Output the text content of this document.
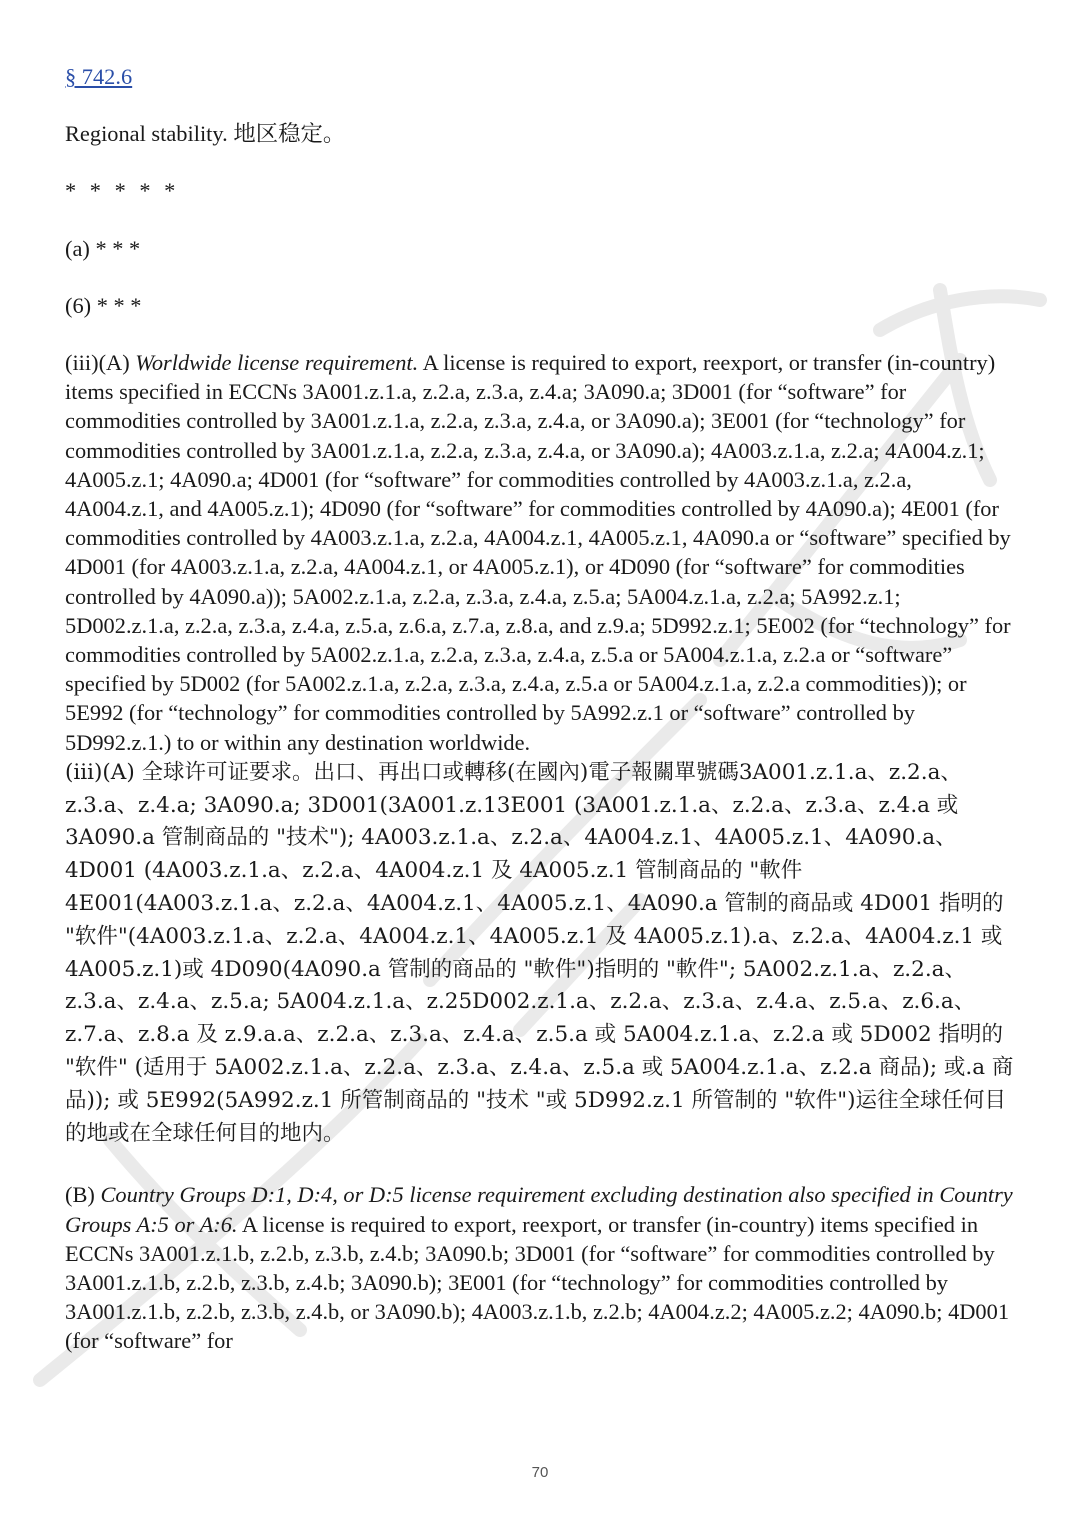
§ 742.6

Regional stability. 地区稳定。

* * * * *

(a) * * *

(6) * * *

(iii)(A) Worldwide license requirement. A license is required to export, reexport, or transfer (in-country) items specified in ECCNs 3A001.z.1.a, z.2.a, z.3.a, z.4.a; 3A090.a; 3D001 (for “software” for commodities controlled by 3A001.z.1.a, z.2.a, z.3.a, z.4.a, or 3A090.a); 3E001 (for “technology” for commodities controlled by 3A001.z.1.a, z.2.a, z.3.a, z.4.a, or 3A090.a); 4A003.z.1.a, z.2.a; 4A004.z.1; 4A005.z.1; 4A090.a; 4D001 (for “software” for commodities controlled by 4A003.z.1.a, z.2.a, 4A004.z.1, and 4A005.z.1); 4D090 (for “software” for commodities controlled by 4A090.a); 4E001 (for commodities controlled by 4A003.z.1.a, z.2.a, 4A004.z.1, 4A005.z.1, 4A090.a or “software” specified by 4D001 (for 4A003.z.1.a, z.2.a, 4A004.z.1, or 4A005.z.1), or 4D090 (for “software” for commodities controlled by 4A090.a)); 5A002.z.1.a, z.2.a, z.3.a, z.4.a, z.5.a; 5A004.z.1.a, z.2.a; 5A992.z.1; 5D002.z.1.a, z.2.a, z.3.a, z.4.a, z.5.a, z.6.a, z.7.a, z.8.a, and z.9.a; 5D992.z.1; 5E002 (for “technology” for commodities controlled by 5A002.z.1.a, z.2.a, z.3.a, z.4.a, z.5.a or 5A004.z.1.a, z.2.a or “software” specified by 5D002 (for 5A002.z.1.a, z.2.a, z.3.a, z.4.a, z.5.a or 5A004.z.1.a, z.2.a commodities)); or 5E992 (for “technology” for commodities controlled by 5A992.z.1 or “software” controlled by 5D992.z.1.) to or within any destination worldwide.

(iii)(A) 全球许可证要求。出口、再出口或轉移(在國內)電子報關單號碼3A001.z.1.a、z.2.a、z.3.a、z.4.a; 3A090.a; 3D001(3A001.z.13E001 (3A001.z.1.a、z.2.a、z.3.a、z.4.a 或 3A090.a 管制商品的 "技术"); 4A003.z.1.a、z.2.a、4A004.z.1、4A005.z.1、4A090.a、4D001 (4A003.z.1.a、z.2.a、4A004.z.1 及 4A005.z.1 管制商品的 "軟件 4E001(4A003.z.1.a、z.2.a、4A004.z.1、4A005.z.1、4A090.a 管制的商品或 4D001 指明的 "软件"(4A003.z.1.a、z.2.a、4A004.z.1、4A005.z.1 及 4A005.z.1).a、z.2.a、4A004.z.1 或 4A005.z.1)或 4D090(4A090.a 管制的商品的 "軟件")指明的 "軟件"; 5A002.z.1.a、z.2.a、z.3.a、z.4.a、z.5.a; 5A004.z.1.a、z.25D002.z.1.a、z.2.a、z.3.a、z.4.a、z.5.a、z.6.a、z.7.a、z.8.a 及 z.9.a.a、z.2.a、z.3.a、z.4.a、z.5.a 或 5A004.z.1.a、z.2.a 或 5D002 指明的 "软件" (适用于 5A002.z.1.a、z.2.a、z.3.a、z.4.a、z.5.a 或 5A004.z.1.a、z.2.a 商品); 或.a 商品)); 或 5E992(5A992.z.1 所管制商品的 "技术 "或 5D992.z.1 所管制的 "软件")运往全球任何目的地或在全球任何目的地内。

(B) Country Groups D:1, D:4, or D:5 license requirement excluding destination also specified in Country Groups A:5 or A:6. A license is required to export, reexport, or transfer (in-country) items specified in ECCNs 3A001.z.1.b, z.2.b, z.3.b, z.4.b; 3A090.b; 3D001 (for “software” for commodities controlled by 3A001.z.1.b, z.2.b, z.3.b, z.4.b; 3A090.b); 3E001 (for “technology” for commodities controlled by 3A001.z.1.b, z.2.b, z.3.b, z.4.b, or 3A090.b); 4A003.z.1.b, z.2.b; 4A004.z.2; 4A005.z.2; 4A090.b; 4D001 (for “software” for

70
